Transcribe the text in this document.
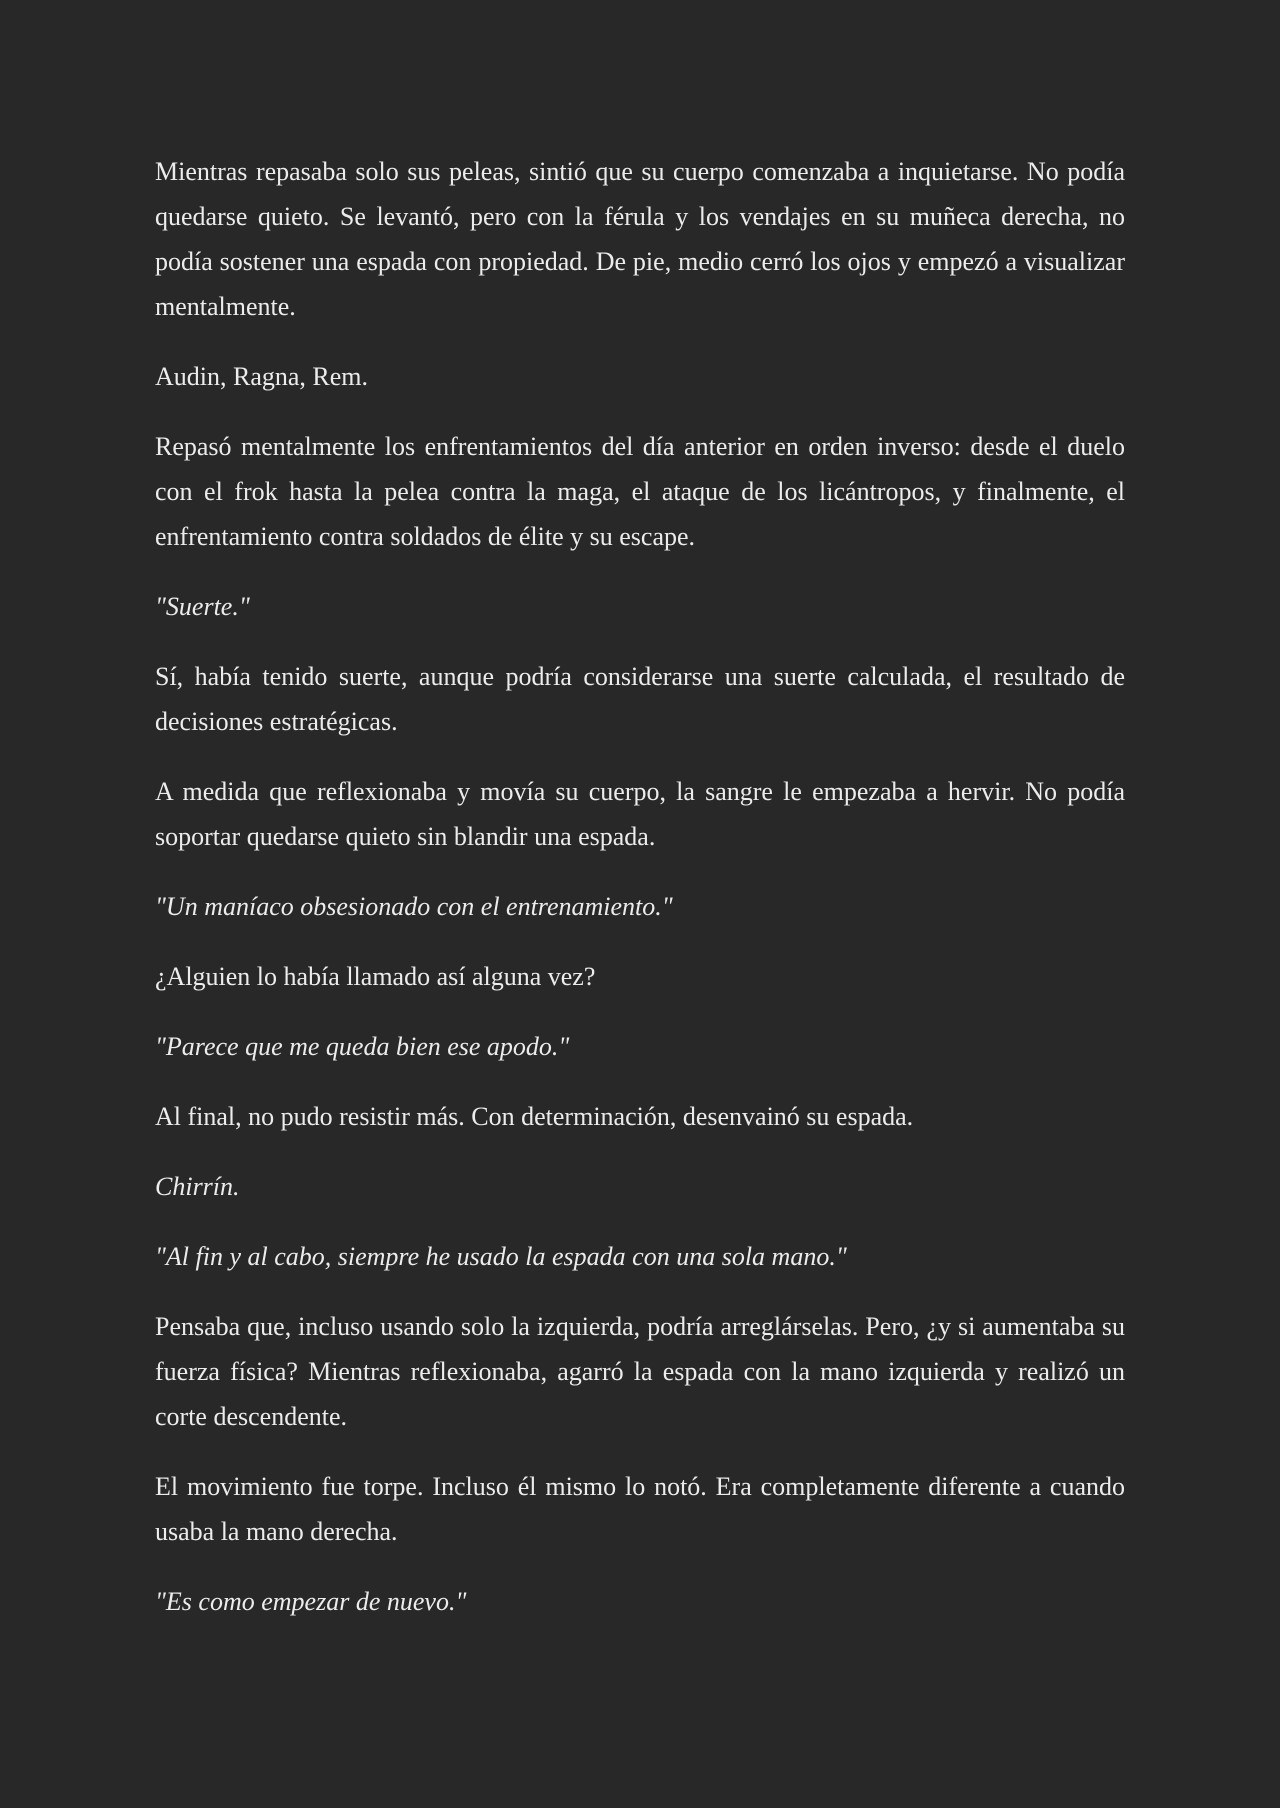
Mientras repasaba solo sus peleas, sintió que su cuerpo comenzaba a inquietarse. No podía quedarse quieto. Se levantó, pero con la férula y los vendajes en su muñeca derecha, no podía sostener una espada con propiedad. De pie, medio cerró los ojos y empezó a visualizar mentalmente.

Audin, Ragna, Rem.

Repasó mentalmente los enfrentamientos del día anterior en orden inverso: desde el duelo con el frok hasta la pelea contra la maga, el ataque de los licántropos, y finalmente, el enfrentamiento contra soldados de élite y su escape.

"Suerte."

Sí, había tenido suerte, aunque podría considerarse una suerte calculada, el resultado de decisiones estratégicas.

A medida que reflexionaba y movía su cuerpo, la sangre le empezaba a hervir. No podía soportar quedarse quieto sin blandir una espada.

"Un maníaco obsesionado con el entrenamiento."

¿Alguien lo había llamado así alguna vez?

"Parece que me queda bien ese apodo."

Al final, no pudo resistir más. Con determinación, desenvainó su espada.

Chirrín.

"Al fin y al cabo, siempre he usado la espada con una sola mano."

Pensaba que, incluso usando solo la izquierda, podría arreglárselas. Pero, ¿y si aumentaba su fuerza física? Mientras reflexionaba, agarró la espada con la mano izquierda y realizó un corte descendente.

El movimiento fue torpe. Incluso él mismo lo notó. Era completamente diferente a cuando usaba la mano derecha.

"Es como empezar de nuevo."
